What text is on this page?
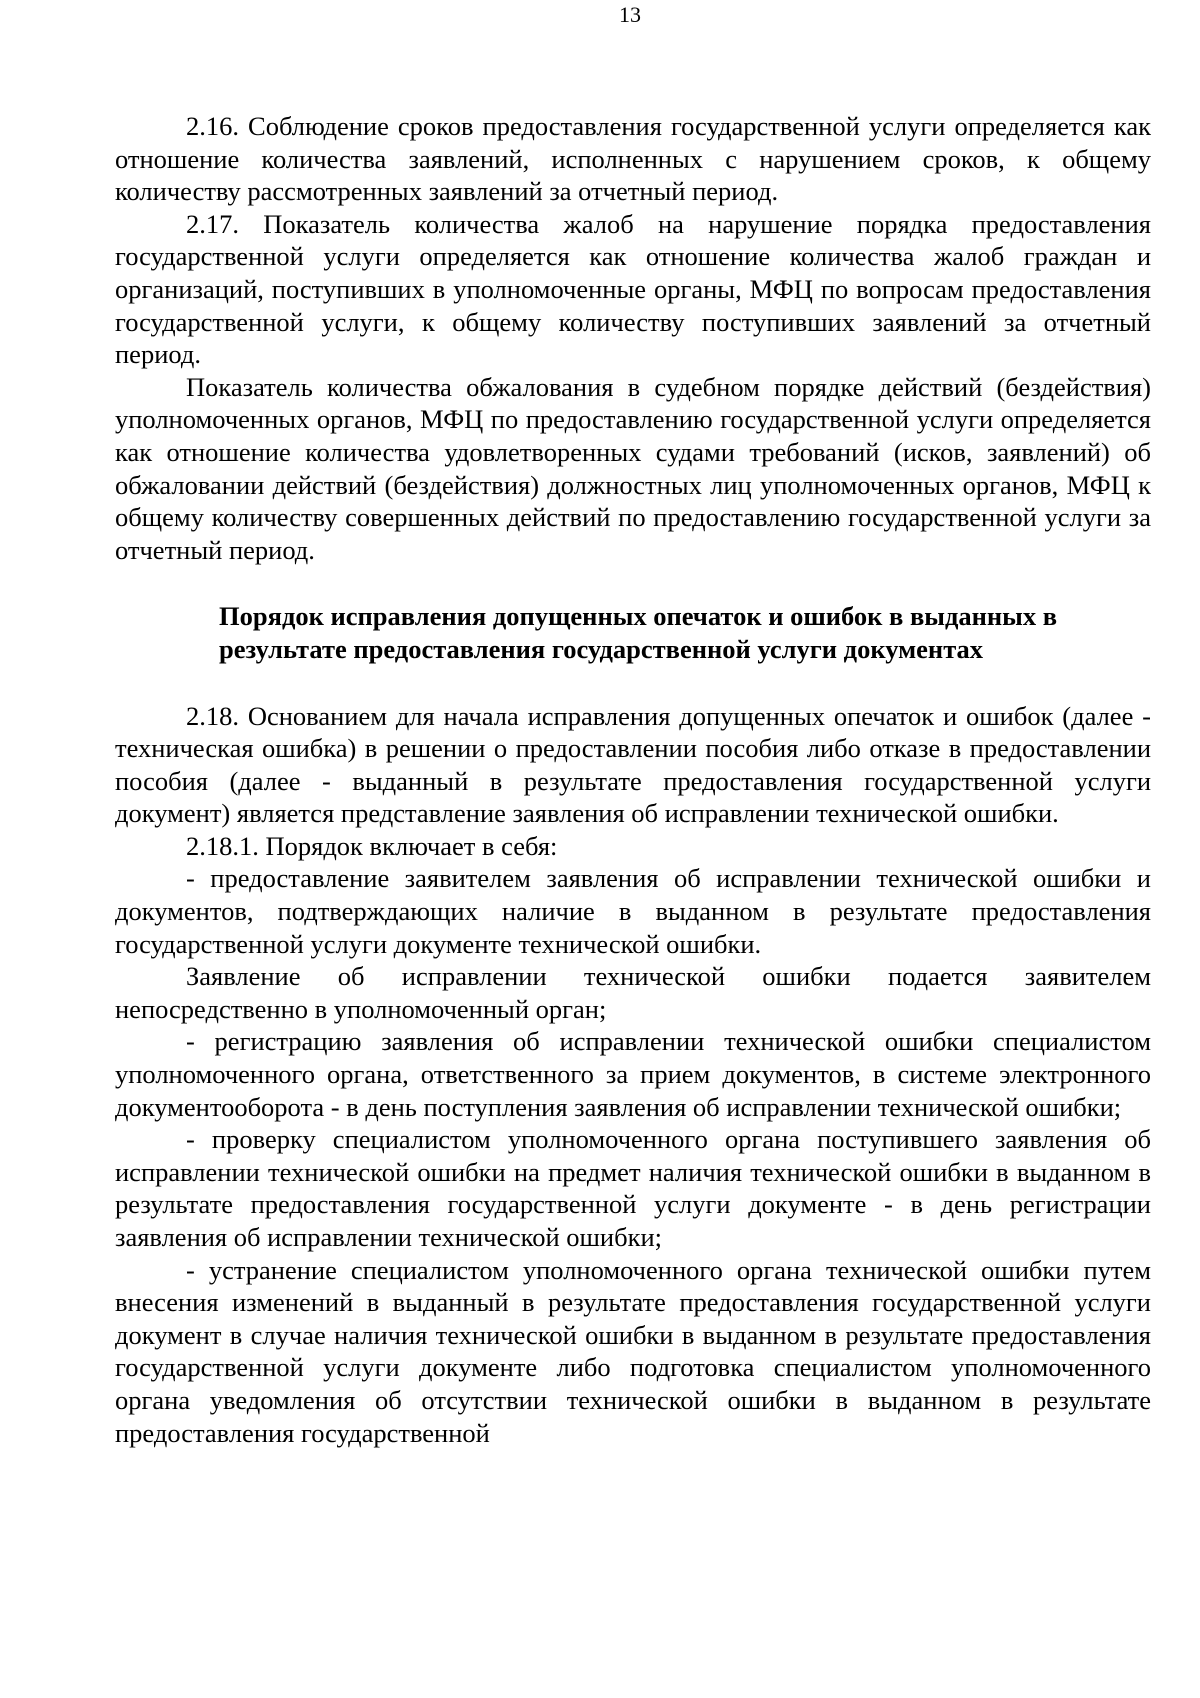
13

2.16. Соблюдение сроков предоставления государственной услуги определяется как отношение количества заявлений, исполненных с нарушением сроков, к общему количеству рассмотренных заявлений за отчетный период.

2.17. Показатель количества жалоб на нарушение порядка предоставления государственной услуги определяется как отношение количества жалоб граждан и организаций, поступивших в уполномоченные органы, МФЦ по вопросам предоставления государственной услуги, к общему количеству поступивших заявлений за отчетный период.

Показатель количества обжалования в судебном порядке действий (бездействия) уполномоченных органов, МФЦ по предоставлению государственной услуги определяется как отношение количества удовлетворенных судами требований (исков, заявлений) об обжаловании действий (бездействия) должностных лиц уполномоченных органов, МФЦ к общему количеству совершенных действий по предоставлению государственной услуги за отчетный период.

Порядок исправления допущенных опечаток и ошибок в выданных в результате предоставления государственной услуги документах

2.18. Основанием для начала исправления допущенных опечаток и ошибок (далее - техническая ошибка) в решении о предоставлении пособия либо отказе в предоставлении пособия (далее - выданный в результате предоставления государственной услуги документ) является представление заявления об исправлении технической ошибки.

2.18.1. Порядок включает в себя:

- предоставление заявителем заявления об исправлении технической ошибки и документов, подтверждающих наличие в выданном в результате предоставления государственной услуги документе технической ошибки.

Заявление об исправлении технической ошибки подается заявителем непосредственно в уполномоченный орган;

- регистрацию заявления об исправлении технической ошибки специалистом уполномоченного органа, ответственного за прием документов, в системе электронного документооборота - в день поступления заявления об исправлении технической ошибки;

- проверку специалистом уполномоченного органа поступившего заявления об исправлении технической ошибки на предмет наличия технической ошибки в выданном в результате предоставления государственной услуги документе - в день регистрации заявления об исправлении технической ошибки;

- устранение специалистом уполномоченного органа технической ошибки путем внесения изменений в выданный в результате предоставления государственной услуги документ в случае наличия технической ошибки в выданном в результате предоставления государственной услуги документе либо подготовка специалистом уполномоченного органа уведомления об отсутствии технической ошибки в выданном в результате предоставления государственной
